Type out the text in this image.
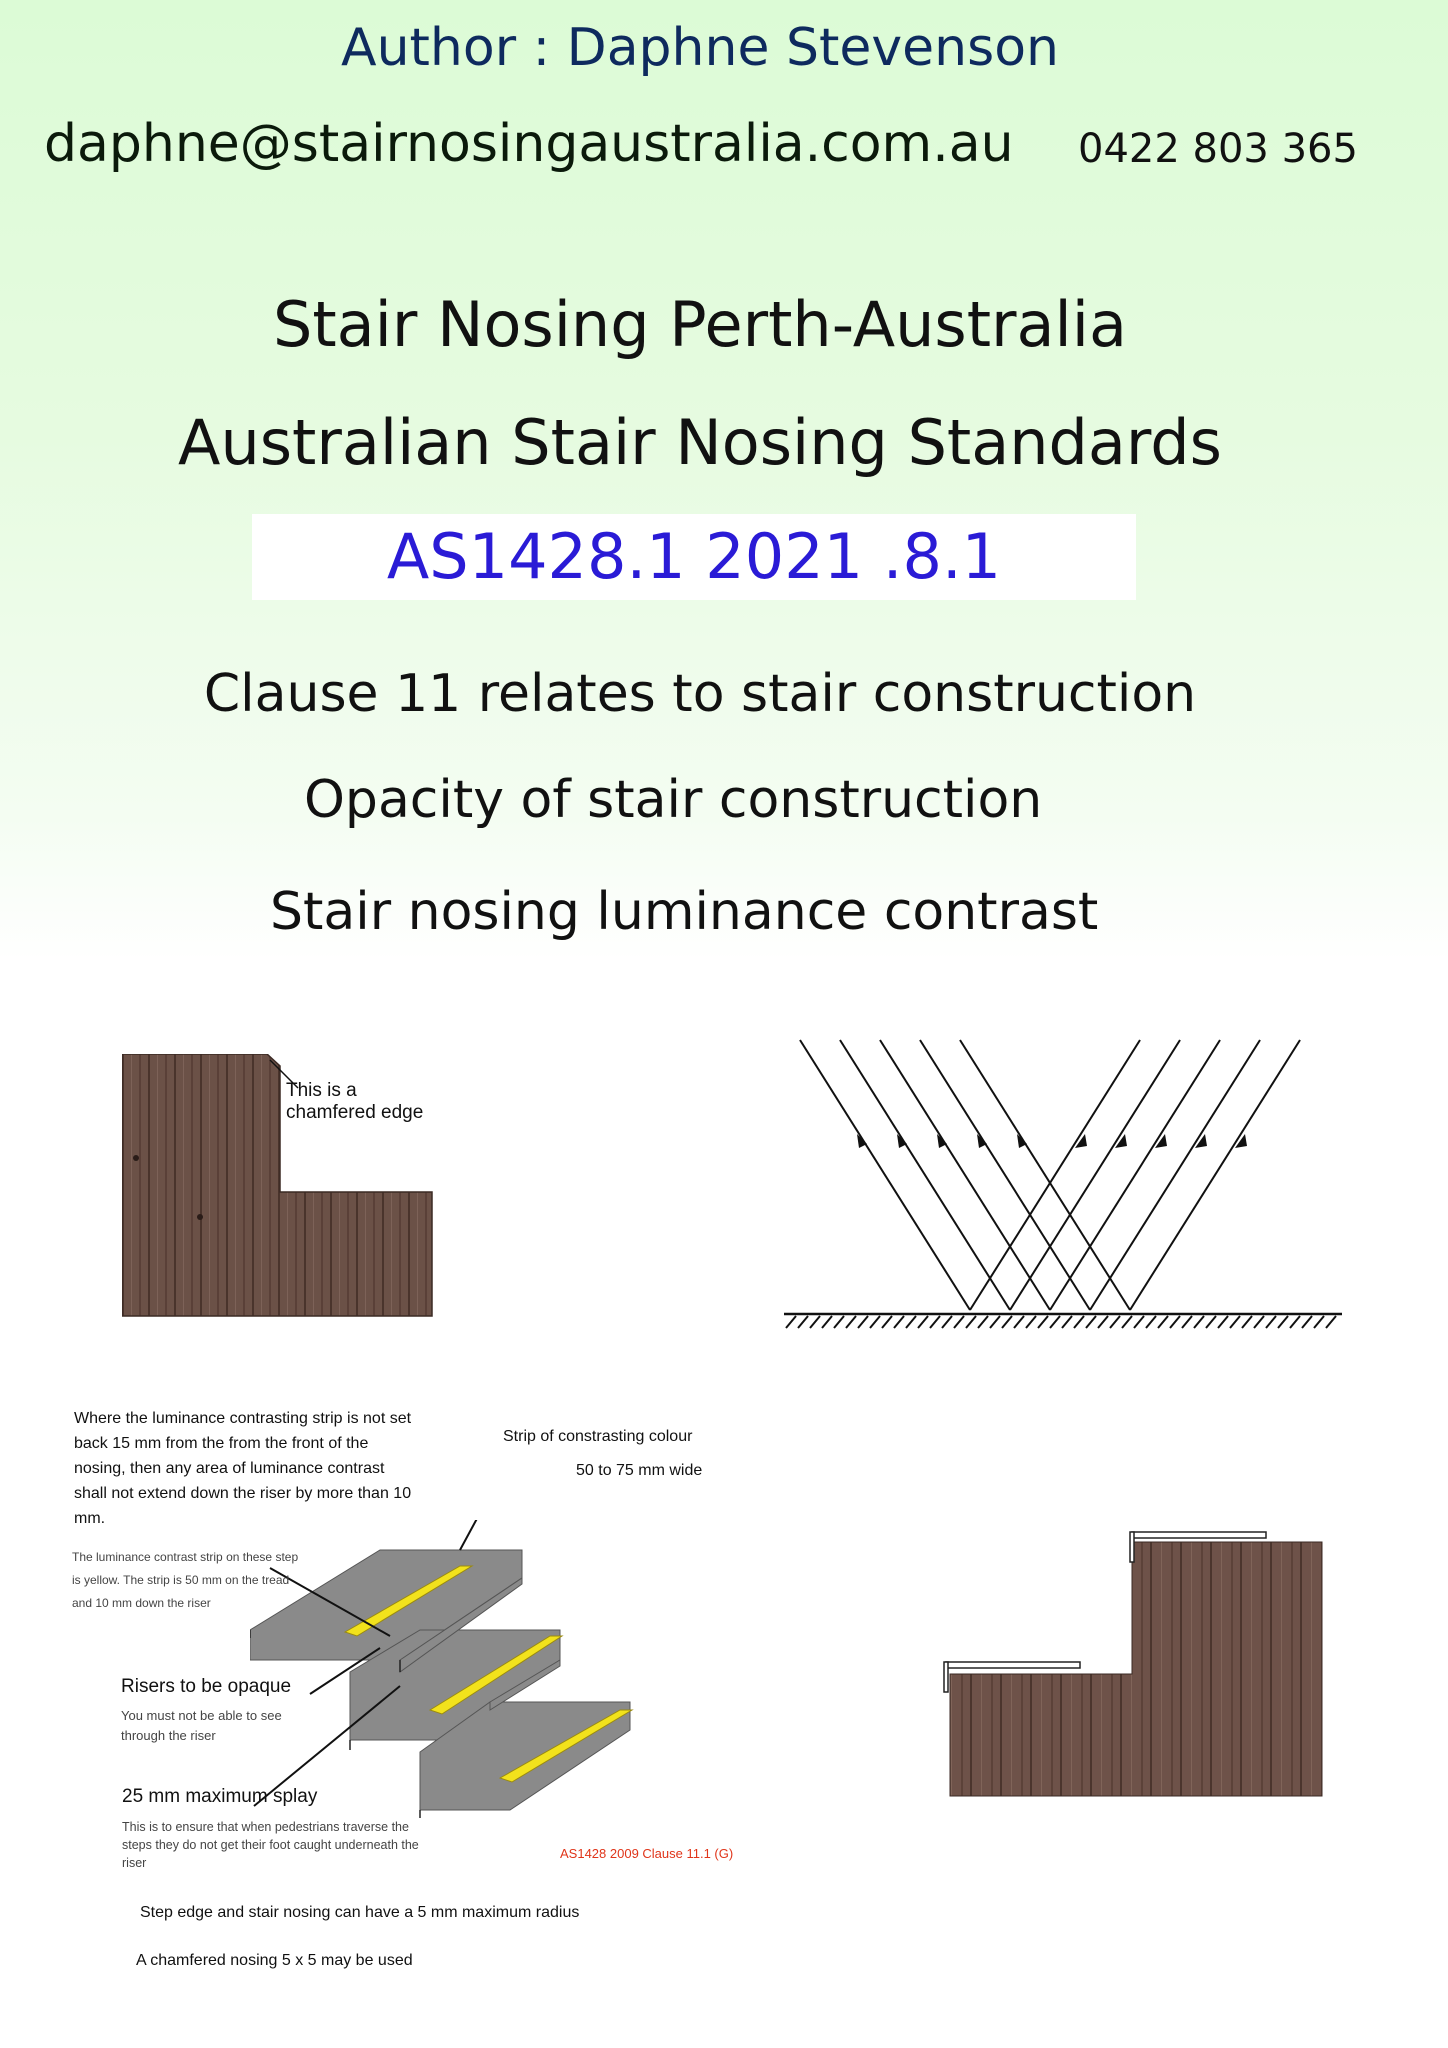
Author : Daphne Stevenson
daphne@stairnosingaustralia.com.au 0422 803 365
Stair Nosing Perth-Australia
Australian Stair Nosing Standards
AS1428.1 2021 .8.1
Clause 11 relates to stair construction
Opacity of stair construction
Stair nosing luminance contrast
This is a
chamfered edge
Where the luminance contrasting strip is not set back 15 mm from the from the front of the nosing, then any area of luminance contrast shall not extend down the riser by more than 10 mm.
The luminance contrast strip on these step is yellow. The strip is 50 mm on the tread and 10 mm down the riser
Strip of constrasting colour
50 to 75 mm wide
Risers to be opaque
You must not be able to see through the riser
25 mm maximum splay
This is to ensure that when pedestrians traverse the steps they do not get their foot caught underneath the riser
AS1428 2009 Clause 11.1 (G)
Step edge and stair nosing can have a 5 mm maximum radius
A chamfered nosing 5 x 5 may be used
